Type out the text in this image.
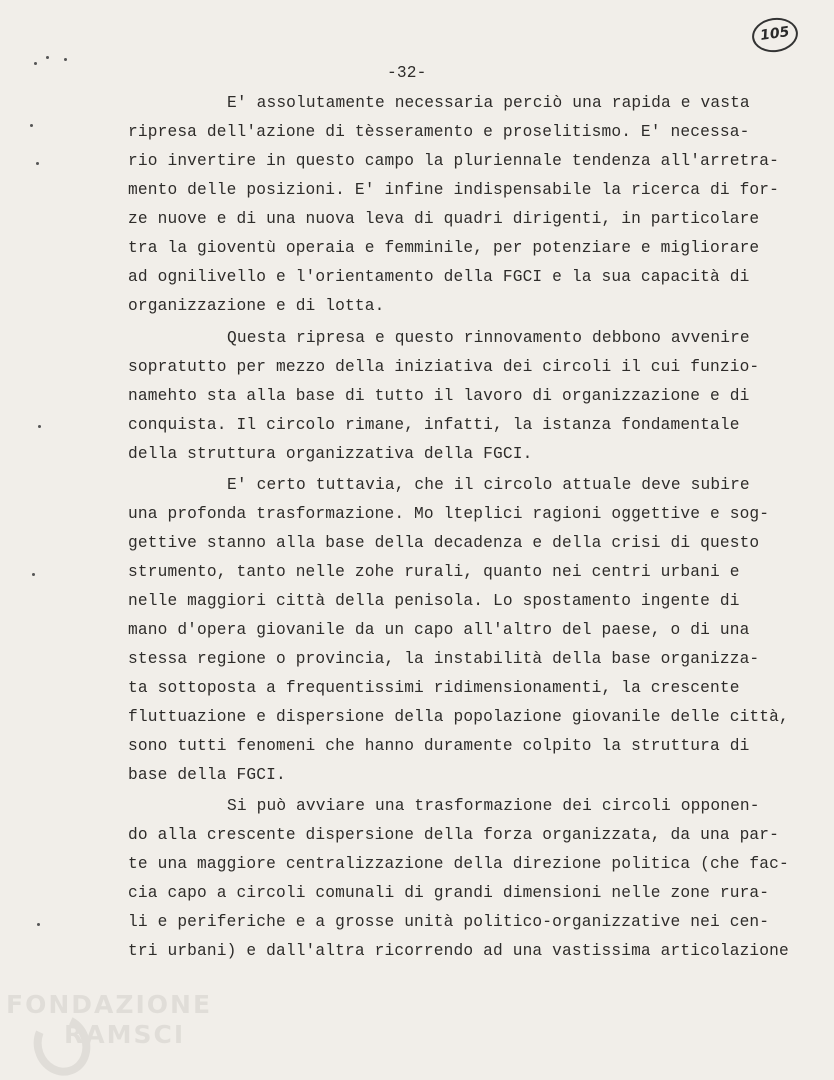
105
-32-
E' assolutamente necessaria perciò una rapida e vasta
ripresa dell'azione di tèsseramento e proselitismo. E' necessa-
rio invertire in questo campo la pluriennale tendenza all'arretra-
mento delle posizioni. E' infine indispensabile la ricerca di for-
ze nuove e di una nuova leva di quadri dirigenti, in particolare
tra la gioventù operaia e femminile, per potenziare e migliorare
ad ognilivello e l'orientamento della FGCI e la sua capacità di
organizzazione e di lotta.
Questa ripresa e questo rinnovamento debbono avvenire
sopratutto per mezzo della iniziativa dei circoli il cui funzio-
namehto sta alla base di tutto il lavoro di organizzazione e di
conquista. Il circolo rimane, infatti, la istanza fondamentale
della struttura organizzativa della FGCI.
E' certo tuttavia, che il circolo attuale deve subire
una profonda trasformazione. Mo lteplici ragioni oggettive e sog-
gettive stanno alla base della decadenza e della crisi di questo
strumento, tanto nelle zohe rurali, quanto nei centri urbani e
nelle maggiori città della penisola. Lo spostamento ingente di
mano d'opera giovanile da un capo all'altro del paese, o di una
stessa regione o provincia, la instabilità della base organizza-
ta sottoposta a frequentissimi ridimensionamenti, la crescente
fluttuazione e dispersione della popolazione giovanile delle città,
sono tutti fenomeni che hanno duramente colpito la struttura di
base della FGCI.
Si può avviare una trasformazione dei circoli opponen-
do alla crescente dispersione della forza organizzata, da una par-
te una maggiore centralizzazione della direzione politica (che fac-
cia capo a circoli comunali di grandi dimensioni nelle zone rura-
li e periferiche e a grosse unità politico-organizzative nei cen-
tri urbani) e dall'altra ricorrendo ad una vastissima articolazione
FONDAZIONE
RAMSCI
